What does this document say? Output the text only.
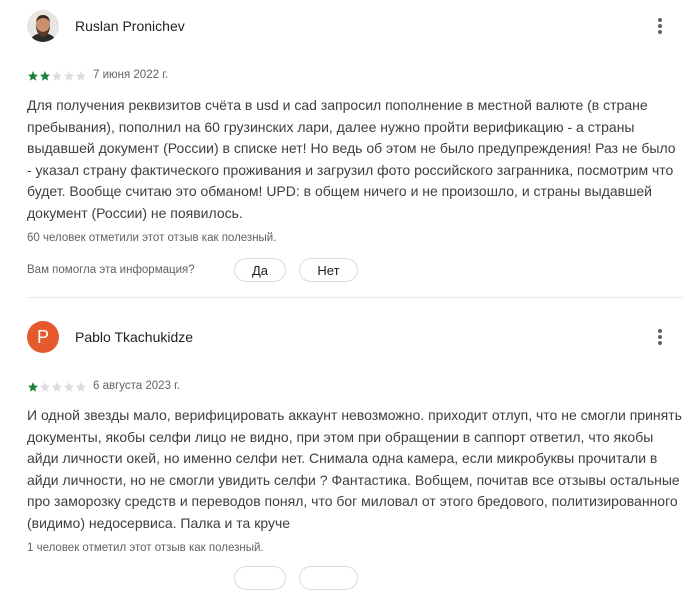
Ruslan Pronichev
7 июня 2022 г.
Для получения реквизитов счёта в usd и cad запросил пополнение в местной валюте (в стране пребывания), пополнил на 60 грузинских лари, далее нужно пройти верификацию - а страны выдавшей документ (России) в списке нет! Но ведь об этом не было предупреждения! Раз не было - указал страну фактического проживания и загрузил фото российского загранника, посмотрим что будет. Вообще считаю это обманом! UPD: в общем ничего и не произошло, и страны выдавшей документ (России) не появилось.
60 человек отметили этот отзыв как полезный.
Вам помогла эта информация?	Да	Нет
P	Pablo Tkachukidze
6 августа 2023 г.
И одной звезды мало, верифицировать аккаунт невозможно. приходит отлуп, что не смогли принять документы, якобы селфи лицо не видно, при этом при обращении в саппорт ответил, что якобы айди личности окей, но именно селфи нет. Снимала одна камера, если микробуквы прочитали в айди личности, но не смогли увидить селфи ? Фантастика. Вобщем, почитав все отзывы остальные про заморозку средств и переводов понял, что бог миловал от этого бредового, политизированного (видимо) недосервиса. Палка и та круче
1 человек отметил этот отзыв как полезный.
